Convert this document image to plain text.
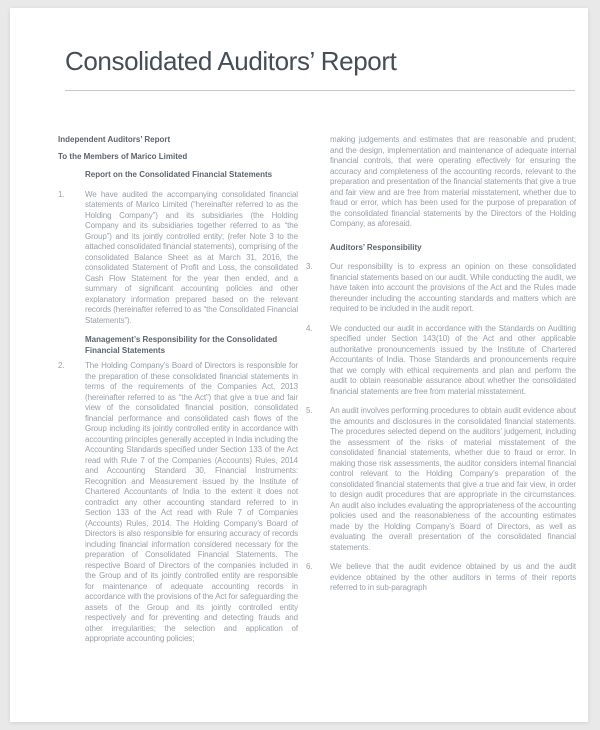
Consolidated Auditors’ Report

Independent Auditors’ Report

To the Members of Marico Limited

Report on the Consolidated Financial Statements

1.	We have audited the accompanying consolidated financial statements of Marico Limited (“hereinafter referred to as the Holding Company”) and its subsidiaries (the Holding Company and its subsidiaries together referred to as “the Group”) and its jointly controlled entity; (refer Note 3 to the attached consolidated financial statements), comprising of the consolidated Balance Sheet as at March 31, 2016, the consolidated Statement of Profit and Loss, the consolidated Cash Flow Statement for the year then ended, and a summary of significant accounting policies and other explanatory information prepared based on the relevant records (hereinafter referred to as “the Consolidated Financial Statements”).

Management’s Responsibility for the Consolidated Financial Statements

2.	The Holding Company’s Board of Directors is responsible for the preparation of these consolidated financial statements in terms of the requirements of the Companies Act, 2013 (hereinafter referred to as “the Act”) that give a true and fair view of the consolidated financial position, consolidated financial performance and consolidated cash flows of the Group including its jointly controlled entity in accordance with accounting principles generally accepted in India including the Accounting Standards specified under Section 133 of the Act read with Rule 7 of the Companies (Accounts) Rules, 2014 and Accounting Standard 30, Financial Instruments: Recognition and Measurement issued by the Institute of Chartered Accountants of India to the extent it does not contradict any other accounting standard referred to in Section 133 of the Act read with Rule 7 of Companies (Accounts) Rules, 2014. The Holding Company’s Board of Directors is also responsible for ensuring accuracy of records including financial information considered necessary for the preparation of Consolidated Financial Statements. The respective Board of Directors of the companies included in the Group and of its jointly controlled entity are responsible for maintenance of adequate accounting records in accordance with the provisions of the Act for safeguarding the assets of the Group and its jointly controlled entity respectively and for preventing and detecting frauds and other irregularities; the selection and application of appropriate accounting policies;

making judgements and estimates that are reasonable and prudent; and the design, implementation and maintenance of adequate internal financial controls, that were operating effectively for ensuring the accuracy and completeness of the accounting records, relevant to the preparation and presentation of the financial statements that give a true and fair view and are free from material misstatement, whether due to fraud or error, which has been used for the purpose of preparation of the consolidated financial statements by the Directors of the Holding Company, as aforesaid.

Auditors’ Responsibility

3.	Our responsibility is to express an opinion on these consolidated financial statements based on our audit. While conducting the audit, we have taken into account the provisions of the Act and the Rules made thereunder including the accounting standards and matters which are required to be included in the audit report.

4.	We conducted our audit in accordance with the Standards on Auditing specified under Section 143(10) of the Act and other applicable authoritative pronouncements issued by the Institute of Chartered Accountants of India. Those Standards and pronouncements require that we comply with ethical requirements and plan and perform the audit to obtain reasonable assurance about whether the consolidated financial statements are free from material misstatement.

5.	An audit involves performing procedures to obtain audit evidence about the amounts and disclosures in the consolidated financial statements. The procedures selected depend on the auditors’ judgement, including the assessment of the risks of material misstatement of the consolidated financial statements, whether due to fraud or error. In making those risk assessments, the auditor considers internal financial control relevant to the Holding Company’s preparation of the consolidated financial statements that give a true and fair view, in order to design audit procedures that are appropriate in the circumstances. An audit also includes evaluating the appropriateness of the accounting policies used and the reasonableness of the accounting estimates made by the Holding Company’s Board of Directors, as well as evaluating the overall presentation of the consolidated financial statements.

6.	We believe that the audit evidence obtained by us and the audit evidence obtained by the other auditors in terms of their reports referred to in sub-paragraph
